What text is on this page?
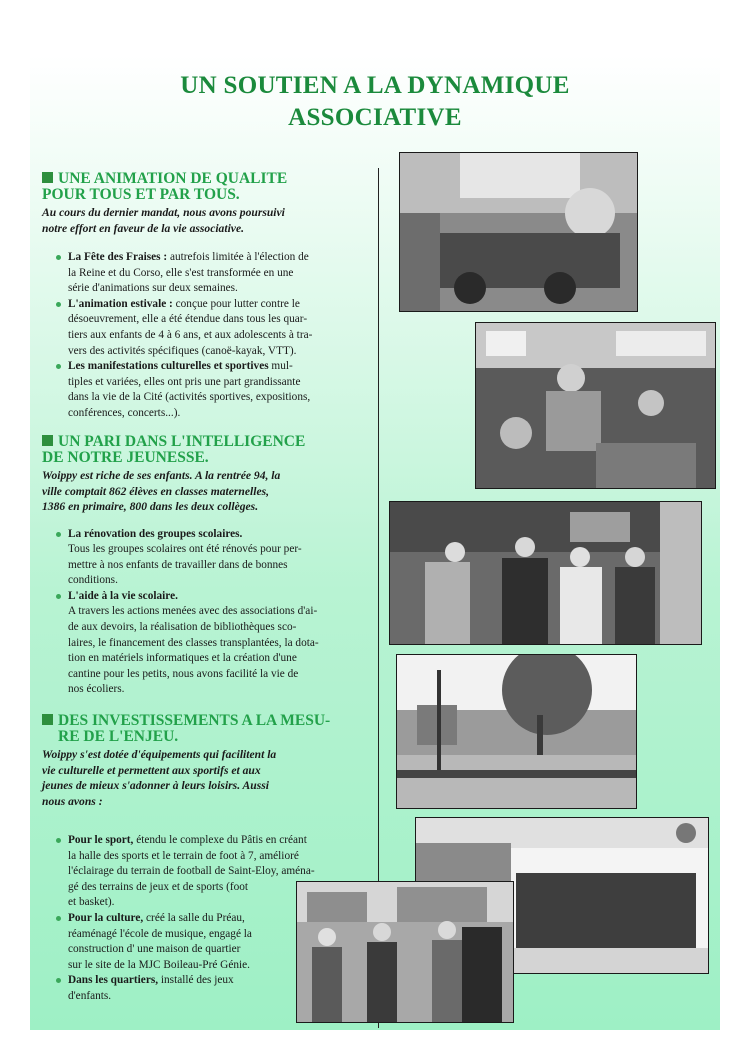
UN SOUTIEN A LA DYNAMIQUE
ASSOCIATIVE
UNE ANIMATION DE QUALITE
POUR TOUS ET PAR TOUS.

Au cours du dernier mandat, nous avons poursuivi
notre effort en faveur de la vie associative.

La Fête des Fraises : autrefois limitée à l'élection de
la Reine et du Corso, elle s'est transformée en une
série d'animations sur deux semaines.
L'animation estivale : conçue pour lutter contre le
désoeuvrement, elle a été étendue dans tous les quar-
tiers aux enfants de 4 à 6 ans, et aux adolescents à tra-
vers des activités spécifiques (canoë-kayak, VTT).
Les manifestations culturelles et sportives mul-
tiples et variées, elles ont pris une part grandissante
dans la vie de la Cité (activités sportives, expositions,
conférences, concerts...).
UN PARI DANS L'INTELLIGENCE
DE NOTRE JEUNESSE.

Woippy est riche de ses enfants. A la rentrée 94, la
ville comptait 862 élèves en classes maternelles,
1386 en primaire, 800 dans les deux collèges.

La rénovation des groupes scolaires.
Tous les groupes scolaires ont été rénovés pour per-
mettre à nos enfants de travailler dans de bonnes
conditions.
L'aide à la vie scolaire.
A travers les actions menées avec des associations d'ai-
de aux devoirs, la réalisation de bibliothèques sco-
laires, le financement des classes transplantées, la dota-
tion en matériels informatiques et la création d'une
cantine pour les petits, nous avons facilité la vie de
nos écoliers.
DES INVESTISSEMENTS A LA MESU-
RE DE L'ENJEU.

Woippy s'est dotée d'équipements qui facilitent la
vie culturelle et permettent aux sportifs et aux
jeunes de mieux s'adonner à leurs loisirs. Aussi
nous avons :

Pour le sport, étendu le complexe du Pâtis en créant
la halle des sports et le terrain de foot à 7, amélioré
l'éclairage du terrain de football de Saint-Eloy, aména-
gé des terrains de jeux et de sports (foot
et basket).
Pour la culture, créé la salle du Préau,
réaménagé l'école de musique, engagé la
construction d' une maison de quartier
sur le site de la MJC Boileau-Pré Génie.
Dans les quartiers, installé des jeux
d'enfants.
